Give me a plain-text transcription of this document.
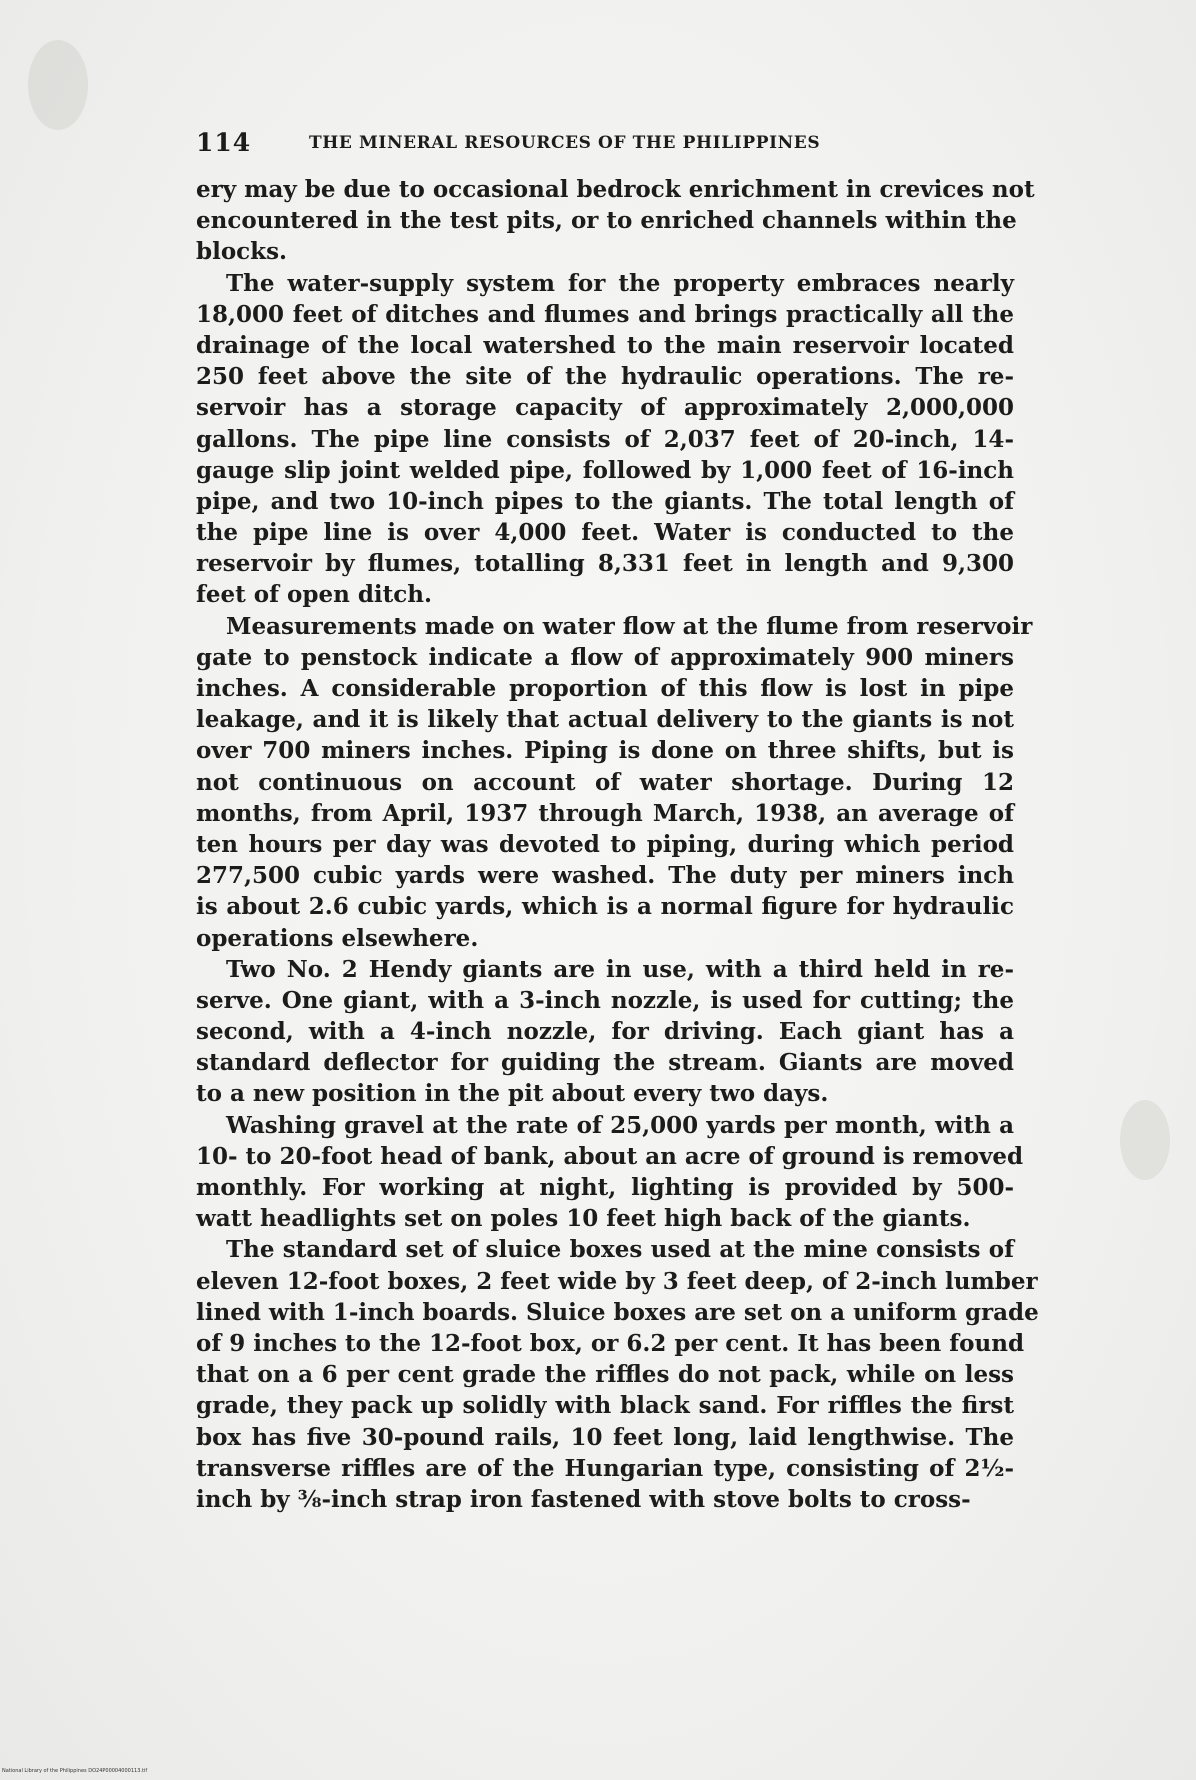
114	THE MINERAL RESOURCES OF THE PHILIPPINES
ery may be due to occasional bedrock enrichment in crevices not
encountered in the test pits, or to enriched channels within the
blocks.
The water-supply system for the property embraces nearly
18,000 feet of ditches and flumes and brings practically all the
drainage of the local watershed to the main reservoir located
250 feet above the site of the hydraulic operations. The re-
servoir has a storage capacity of approximately 2,000,000
gallons. The pipe line consists of 2,037 feet of 20-inch, 14-
gauge slip joint welded pipe, followed by 1,000 feet of 16-inch
pipe, and two 10-inch pipes to the giants. The total length of
the pipe line is over 4,000 feet. Water is conducted to the
reservoir by flumes, totalling 8,331 feet in length and 9,300
feet of open ditch.
Measurements made on water flow at the flume from reservoir
gate to penstock indicate a flow of approximately 900 miners
inches. A considerable proportion of this flow is lost in pipe
leakage, and it is likely that actual delivery to the giants is not
over 700 miners inches. Piping is done on three shifts, but is
not continuous on account of water shortage. During 12
months, from April, 1937 through March, 1938, an average of
ten hours per day was devoted to piping, during which period
277,500 cubic yards were washed. The duty per miners inch
is about 2.6 cubic yards, which is a normal figure for hydraulic
operations elsewhere.
Two No. 2 Hendy giants are in use, with a third held in re-
serve. One giant, with a 3-inch nozzle, is used for cutting; the
second, with a 4-inch nozzle, for driving. Each giant has a
standard deflector for guiding the stream. Giants are moved
to a new position in the pit about every two days.
Washing gravel at the rate of 25,000 yards per month, with a
10- to 20-foot head of bank, about an acre of ground is removed
monthly. For working at night, lighting is provided by 500-
watt headlights set on poles 10 feet high back of the giants.
The standard set of sluice boxes used at the mine consists of
eleven 12-foot boxes, 2 feet wide by 3 feet deep, of 2-inch lumber
lined with 1-inch boards. Sluice boxes are set on a uniform grade
of 9 inches to the 12-foot box, or 6.2 per cent. It has been found
that on a 6 per cent grade the riffles do not pack, while on less
grade, they pack up solidly with black sand. For riffles the first
box has five 30-pound rails, 10 feet long, laid lengthwise. The
transverse riffles are of the Hungarian type, consisting of 2½-
inch by ⅜-inch strap iron fastened with stove bolts to cross-
National Library of the Philippines DO24P00004000113.tif
